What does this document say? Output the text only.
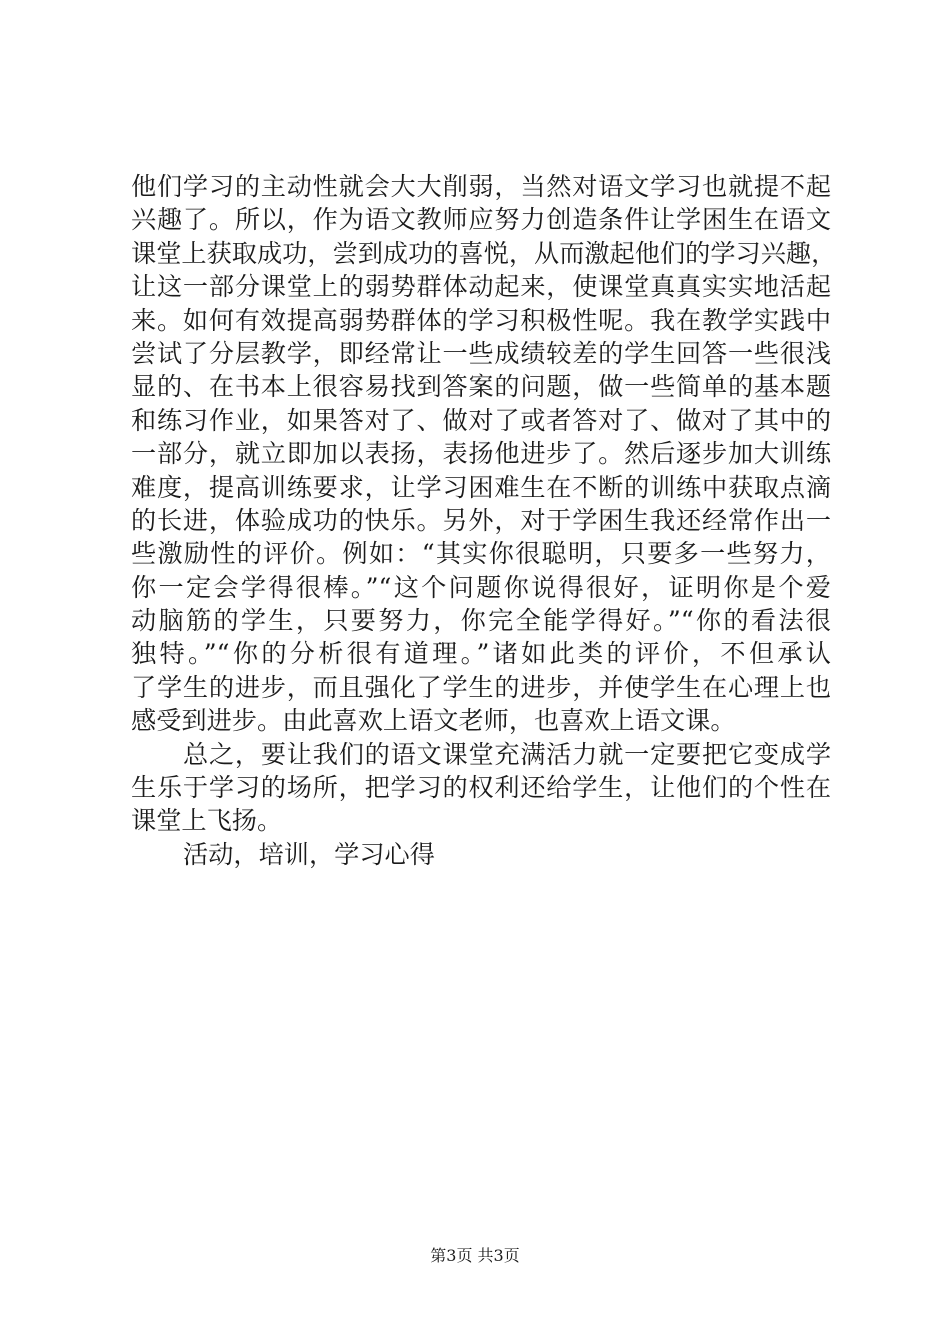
他们学习的主动性就会大大削弱，当然对语文学习也就提不起
兴趣了。所以，作为语文教师应努力创造条件让学困生在语文
课堂上获取成功，尝到成功的喜悦，从而激起他们的学习兴趣，
让这一部分课堂上的弱势群体动起来，使课堂真真实实地活起
来。如何有效提高弱势群体的学习积极性呢。我在教学实践中
尝试了分层教学，即经常让一些成绩较差的学生回答一些很浅
显的、在书本上很容易找到答案的问题，做一些简单的基本题
和练习作业，如果答对了、做对了或者答对了、做对了其中的
一部分，就立即加以表扬，表扬他进步了。然后逐步加大训练
难度，提高训练要求，让学习困难生在不断的训练中获取点滴
的长进，体验成功的快乐。另外，对于学困生我还经常作出一
些激励性的评价。例如：“其实你很聪明，只要多一些努力，
你一定会学得很棒。”“这个问题你说得很好，证明你是个爱
动脑筋的学生，只要努力，你完全能学得好。”“你的看法很
独特。”“你的分析很有道理。”诸如此类的评价，不但承认
了学生的进步，而且强化了学生的进步，并使学生在心理上也
感受到进步。由此喜欢上语文老师，也喜欢上语文课。
总之，要让我们的语文课堂充满活力就一定要把它变成学
生乐于学习的场所，把学习的权利还给学生，让他们的个性在
课堂上飞扬。
活动，培训，学习心得
第3页 共3页
